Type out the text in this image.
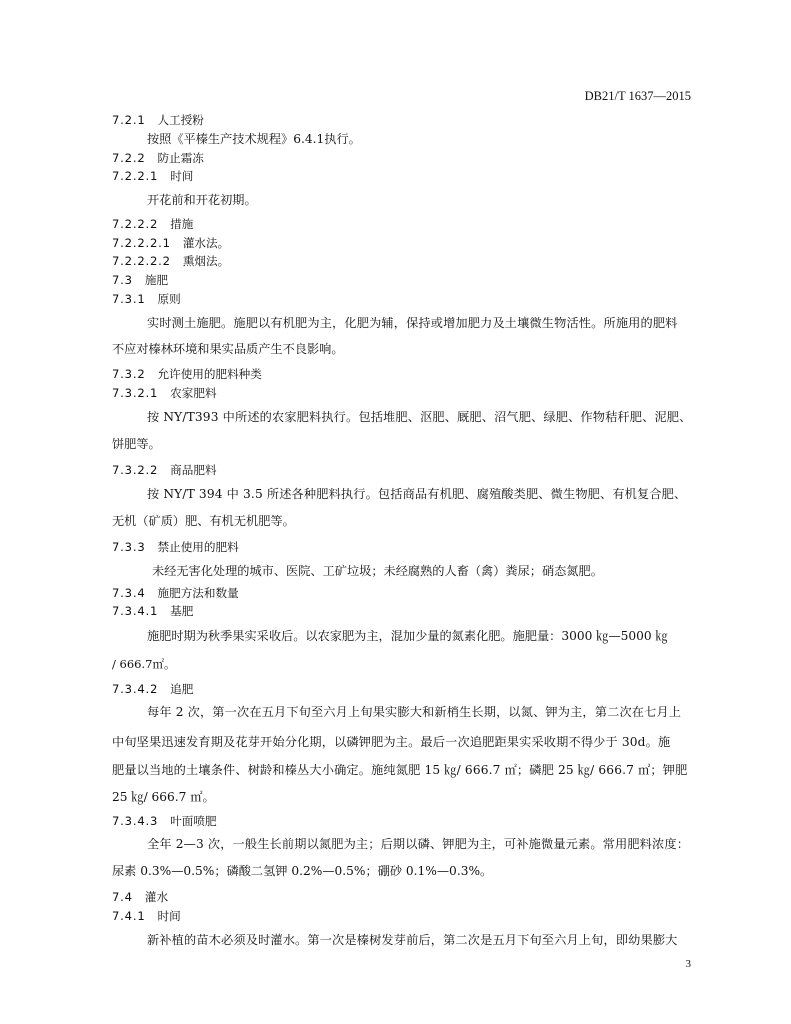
DB21/T 1637—2015
7.2.1 人工授粉
按照《平榛生产技术规程》6.4.1执行。
7.2.2 防止霜冻
7.2.2.1 时间
开花前和开花初期。
7.2.2.2 措施
7.2.2.2.1 灌水法。
7.2.2.2.2 熏烟法。
7.3 施肥
7.3.1 原则
实时测土施肥。施肥以有机肥为主，化肥为辅，保持或增加肥力及土壤微生物活性。所施用的肥料
不应对榛林环境和果实品质产生不良影响。
7.3.2 允许使用的肥料种类
7.3.2.1 农家肥料
按 NY/T393 中所述的农家肥料执行。包括堆肥、沤肥、厩肥、沼气肥、绿肥、作物秸秆肥、泥肥、
饼肥等。
7.3.2.2 商品肥料
按 NY/T 394 中 3.5 所述各种肥料执行。包括商品有机肥、腐殖酸类肥、微生物肥、有机复合肥、
无机（矿质）肥、有机无机肥等。
7.3.3 禁止使用的肥料
未经无害化处理的城市、医院、工矿垃圾；未经腐熟的人畜（禽）粪尿；硝态氮肥。
7.3.4 施肥方法和数量
7.3.4.1 基肥
施肥时期为秋季果实采收后。以农家肥为主，混加少量的氮素化肥。施肥量：3000 ㎏—5000 ㎏
/ 666.7㎡。
7.3.4.2 追肥
每年 2 次，第一次在五月下旬至六月上旬果实膨大和新梢生长期，以氮、钾为主，第二次在七月上
中旬坚果迅速发育期及花芽开始分化期，以磷钾肥为主。最后一次追肥距果实采收期不得少于 30d。施
肥量以当地的土壤条件、树龄和榛丛大小确定。施纯氮肥 15 ㎏/ 666.7 ㎡；磷肥 25 ㎏/ 666.7 ㎡；钾肥
25 ㎏/ 666.7 ㎡。
7.3.4.3 叶面喷肥
全年 2—3 次，一般生长前期以氮肥为主；后期以磷、钾肥为主，可补施微量元素。常用肥料浓度：
尿素 0.3%—0.5%；磷酸二氢钾 0.2%—0.5%；硼砂 0.1%—0.3%。
7.4 灌水
7.4.1 时间
新补植的苗木必须及时灌水。第一次是榛树发芽前后，第二次是五月下旬至六月上旬，即幼果膨大
3
